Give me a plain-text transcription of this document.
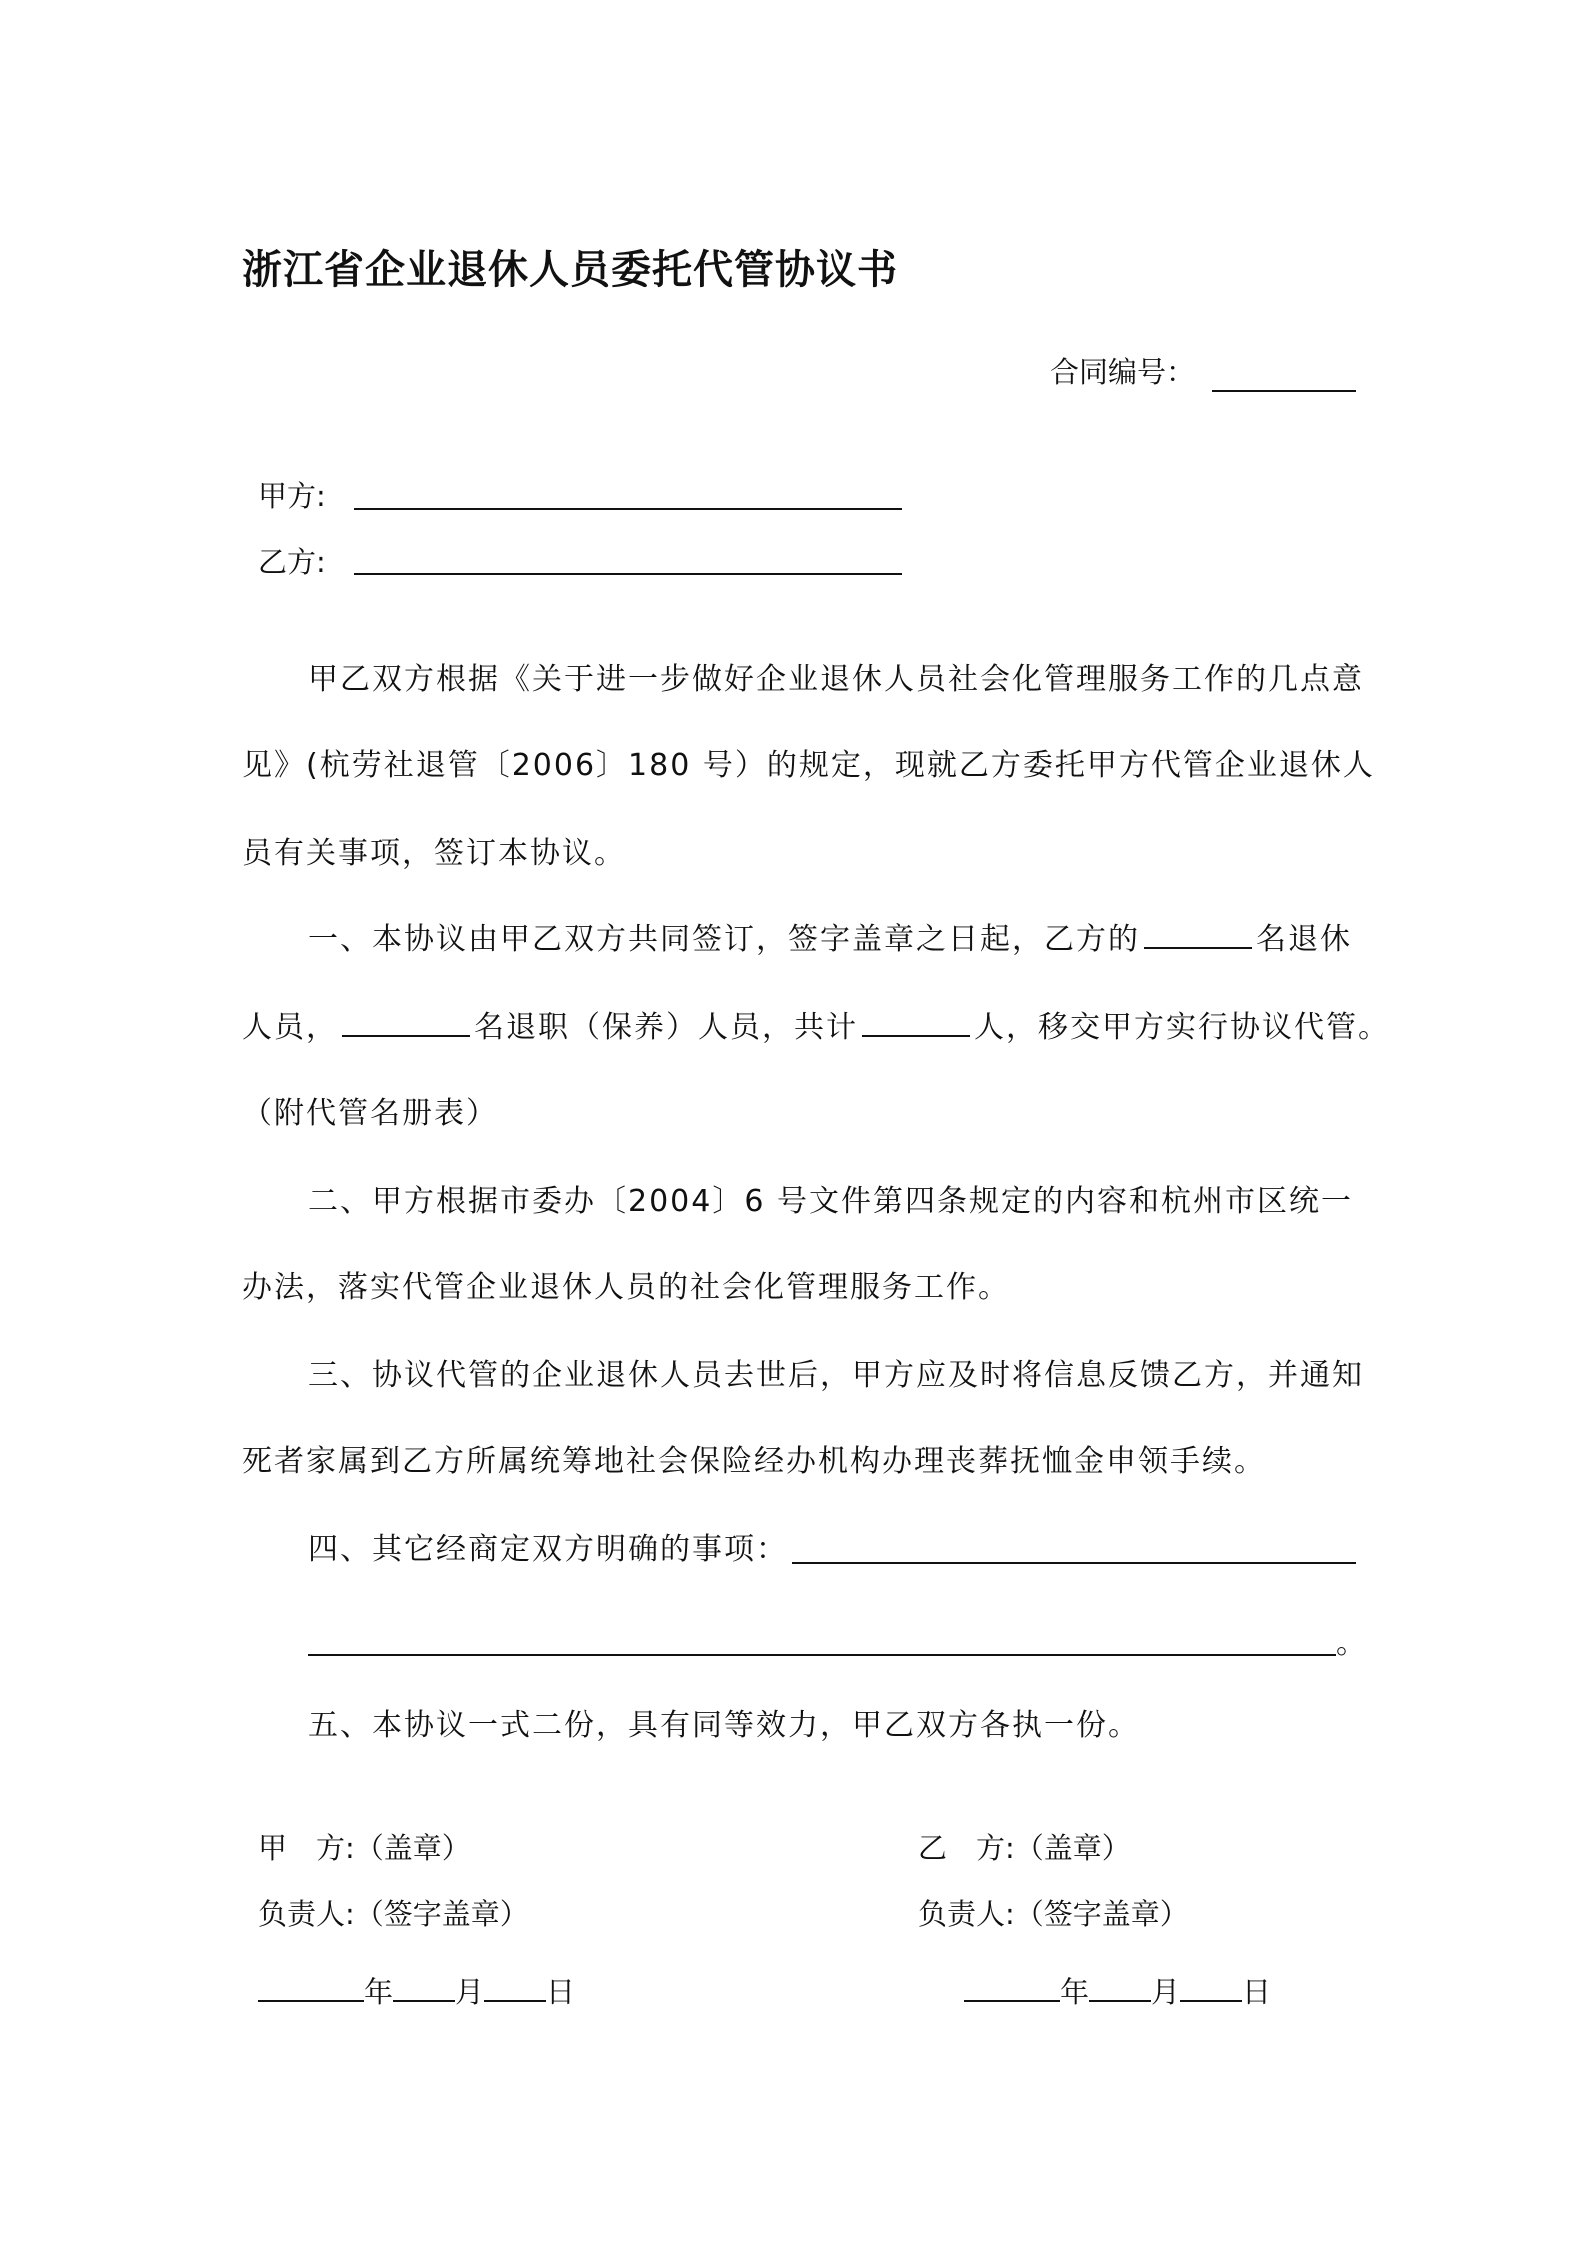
浙江省企业退休人员委托代管协议书
合同编号：
甲方:
乙方:
甲乙双方根据《关于进一步做好企业退休人员社会化管理服务工作的几点意
见》(杭劳社退管〔2006〕180 号）的规定，现就乙方委托甲方代管企业退休人
员有关事项，签订本协议。
一、本协议由甲乙双方共同签订，签字盖章之日起，乙方的	名退休
人员，	名退职（保养）人员，共计	人，移交甲方实行协议代管。
（附代管名册表）
二、甲方根据市委办〔2004〕6 号文件第四条规定的内容和杭州市区统一
办法，落实代管企业退休人员的社会化管理服务工作。
三、协议代管的企业退休人员去世后，甲方应及时将信息反馈乙方，并通知
死者家属到乙方所属统筹地社会保险经办机构办理丧葬抚恤金申领手续。
四、其它经商定双方明确的事项：
。
五、本协议一式二份，具有同等效力，甲乙双方各执一份。
甲　方:（盖章）
负责人:（签字盖章）
年 月 日
乙　方:（盖章）
负责人:（签字盖章）
年 月 日
